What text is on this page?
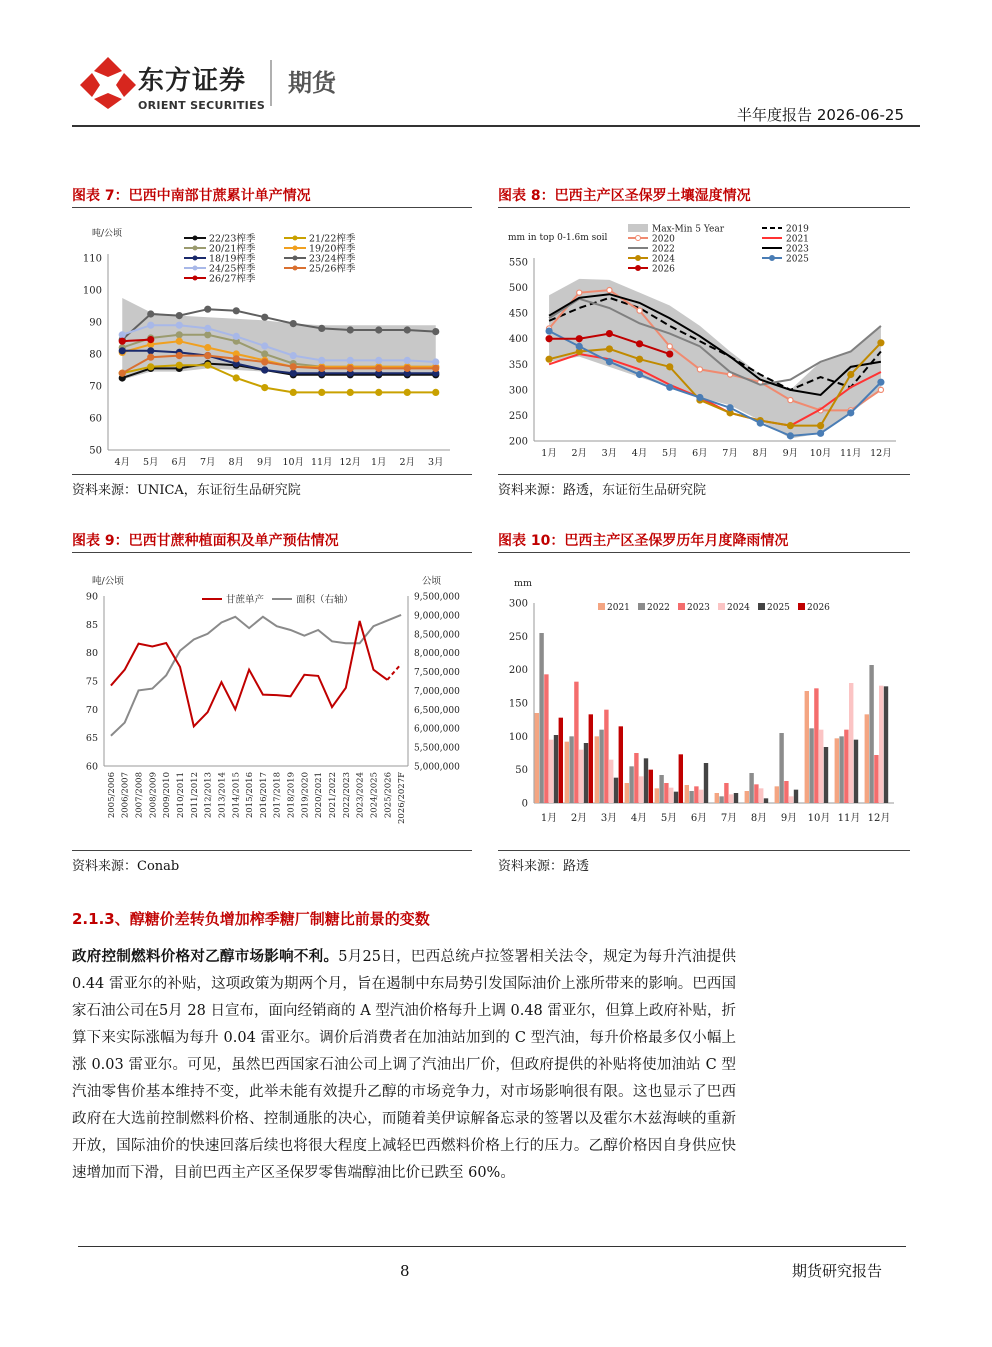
东方证券
ORIENT SECURITIES
期货
半年度报告 2026-06-25
图表 7：巴西中南部甘蔗累计单产情况	图表 8：巴西主产区圣保罗土壤湿度情况
50
60
70
80
90
100
110
4月 5月 6月 7月 8月 9月 10月 11月 12月 1月 2月 3月
吨/公顷	22/23榨季	21/22榨季
20/21榨季	19/20榨季
18/19榨季	23/24榨季
24/25榨季	25/26榨季
26/27榨季
200
250
300
350
400
450
500
550
1月 2月 3月 4月 5月 6月 7月 8月 9月 10月 11月 12月
mm in top 0-1.6m soil
Max-Min 5 Year	2019
2020	2021
2022	2023
2024	2025
2026
资料来源：UNICA，东证衍生品研究院	资料来源：路透，东证衍生品研究院
图表 9：巴西甘蔗种植面积及单产预估情况	图表 10：巴西主产区圣保罗历年月度降雨情况
60
65
70
75
80
85
90
5,000,000
5,500,000
6,000,000
6,500,000
7,000,000
7,500,000
8,000,000
8,500,000
9,000,000
9,500,000
吨/公顷	公顷
2005/2006 2006/2007 2007/2008 2008/2009 2009/2010 2010/2011 2011/2012 2012/2013 2013/2014 2014/2015 2015/2016 2016/2017 2017/2018 2018/2019 2019/2020 2020/2021 2021/2022 2022/2023 2023/2024 2024/2025 2025/2026 2026/2027F
甘蔗单产	面积（右轴）
0
50
100
150
200
250
300
mm
1月 2月 3月 4月 5月 6月 7月 8月 9月 10月 11月 12月
2021 2022 2023 2024 2025 2026
资料来源：Conab	资料来源：路透
2.1.3、醇糖价差转负增加榨季糖厂制糖比前景的变数
政府控制燃料价格对乙醇市场影响不利。5月25日，巴西总统卢拉签署相关法令，规定为每升汽油提供 0.44 雷亚尔的补贴，这项政策为期两个月，旨在遏制中东局势引发国际油价上涨所带来的影响。巴西国家石油公司在5月 28 日宣布，面向经销商的 A 型汽油价格每升上调 0.48 雷亚尔，但算上政府补贴，折算下来实际涨幅为每升 0.04 雷亚尔。调价后消费者在加油站加到的 C 型汽油，每升价格最多仅小幅上涨 0.03 雷亚尔。可见，虽然巴西国家石油公司上调了汽油出厂价，但政府提供的补贴将使加油站 C 型汽油零售价基本维持不变，此举未能有效提升乙醇的市场竞争力，对市场影响很有限。这也显示了巴西政府在大选前控制燃料价格、控制通胀的决心，而随着美伊谅解备忘录的签署以及霍尔木兹海峡的重新开放，国际油价的快速回落后续也将很大程度上减轻巴西燃料价格上行的压力。乙醇价格因自身供应快速增加而下滑，目前巴西主产区圣保罗零售端醇油比价已跌至 60%。
8	期货研究报告
